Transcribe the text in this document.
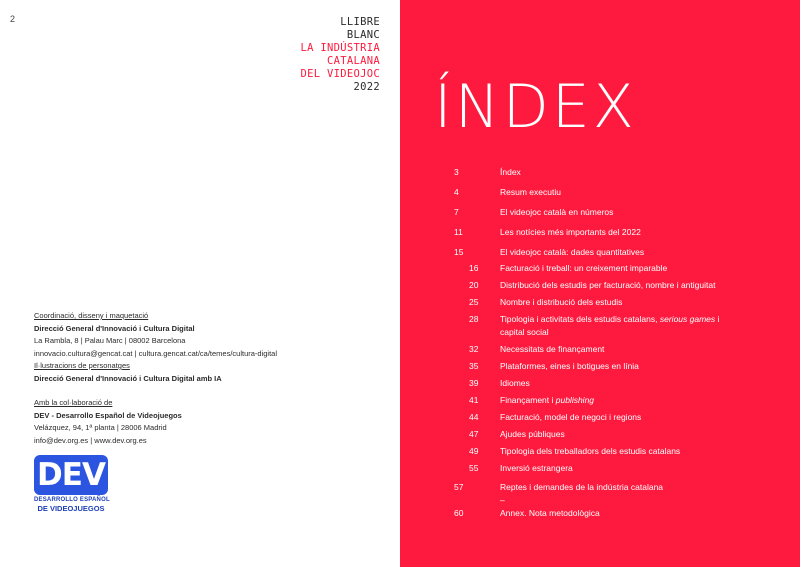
2	LLIBRE
BLANC
LA INDÚSTRIA
CATALANA
DEL VIDEOJOC
2022
Coordinació, disseny i maquetació
Direcció General d'Innovació i Cultura Digital
La Rambla, 8 | Palau Marc | 08002 Barcelona
innovacio.cultura@gencat.cat | cultura.gencat.cat/ca/temes/cultura-digital
Il·lustracions de personatges
Direcció General d'Innovació i Cultura Digital amb IA
Amb la col·laboració de
DEV - Desarrollo Español de Videojuegos
Velázquez, 94, 1ª planta | 28006 Madrid
info@dev.org.es | www.dev.org.es
DEV
DESARROLLO ESPAÑOL
DE VIDEOJUEGOS
ÍNDEX
3	Índex
4	Resum executiu
7	El videojoc català en números
11	Les notícies més importants del 2022
15	El videojoc català: dades quantitatives
16	Facturació i treball: un creixement imparable
20	Distribució dels estudis per facturació, nombre i antiguitat
25	Nombre i distribució dels estudis
28	Tipologia i activitats dels estudis catalans, serious games i
capital social
32	Necessitats de finançament
35	Plataformes, eines i botigues en línia
39	Idiomes
41	Finançament i publishing
44	Facturació, model de negoci i regions
47	Ajudes públiques
49	Tipologia dels treballadors dels estudis catalans
55	Inversió estrangera
57	Reptes i demandes de la indústria catalana
–
60	Annex. Nota metodològica
